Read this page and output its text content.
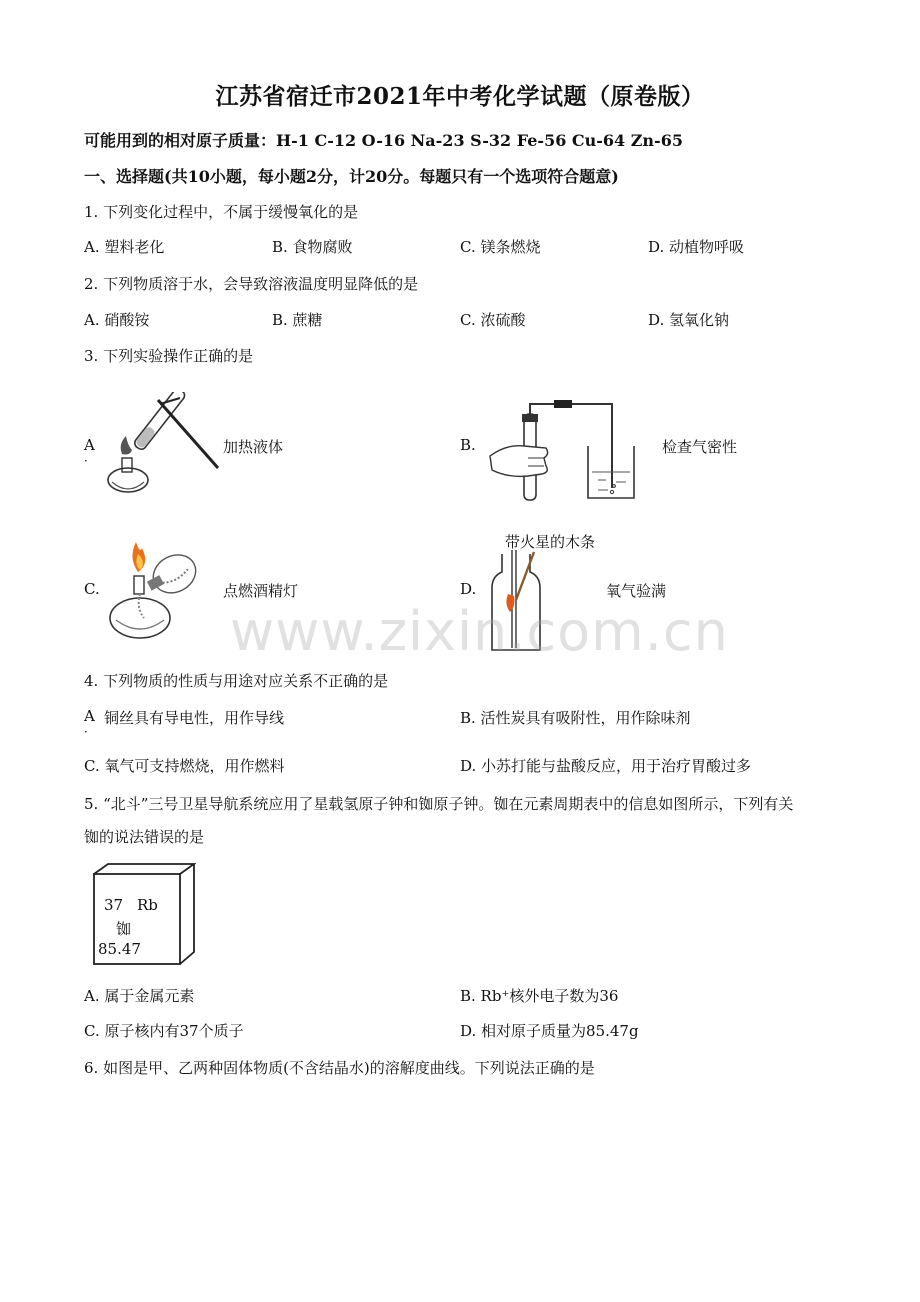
江苏省宿迁市2021年中考化学试题（原卷版）
可能用到的相对原子质量：H-1 C-12 O-16 Na-23 S-32 Fe-56 Cu-64 Zn-65
一、选择题(共10小题，每小题2分，计20分。每题只有一个选项符合题意)
1. 下列变化过程中，不属于缓慢氧化的是
A. 塑料老化	B. 食物腐败	C. 镁条燃烧	D. 动植物呼吸
2. 下列物质溶于水，会导致溶液温度明显降低的是
A. 硝酸铵	B. 蔗糖	C. 浓硫酸	D. 氢氧化钠
3. 下列实验操作正确的是
A
．
加热液体	B.	检查气密性
C.	点燃酒精灯	D.
带火星的木条
氧气验满
www.zixin.com.cn
4. 下列物质的性质与用途对应关系不正确的是
A
．
铜丝具有导电性，用作导线	B. 活性炭具有吸附性，用作除味剂
C. 氧气可支持燃烧，用作燃料	D. 小苏打能与盐酸反应，用于治疗胃酸过多
5. “北斗”三号卫星导航系统应用了星载氢原子钟和铷原子钟。铷在元素周期表中的信息如图所示，下列有关
铷的说法错误的是
37 Rb
铷
85.47
A. 属于金属元素	B. Rb⁺核外电子数为36
C. 原子核内有37个质子	D. 相对原子质量为85.47g
6. 如图是甲、乙两种固体物质(不含结晶水)的溶解度曲线。下列说法正确的是
